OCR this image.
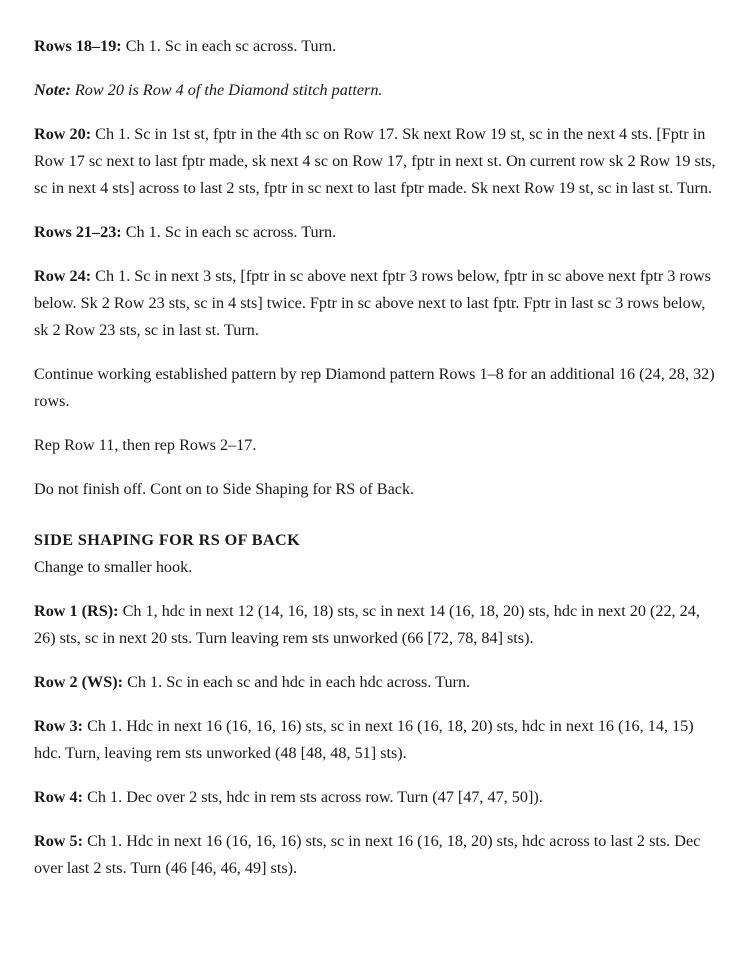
Rows 18–19: Ch 1. Sc in each sc across. Turn.

Note: Row 20 is Row 4 of the Diamond stitch pattern.

Row 20: Ch 1. Sc in 1st st, fptr in the 4th sc on Row 17. Sk next Row 19 st, sc in the next 4 sts. [Fptr in Row 17 sc next to last fptr made, sk next 4 sc on Row 17, fptr in next st. On current row sk 2 Row 19 sts, sc in next 4 sts] across to last 2 sts, fptr in sc next to last fptr made. Sk next Row 19 st, sc in last st. Turn.

Rows 21–23: Ch 1. Sc in each sc across. Turn.

Row 24: Ch 1. Sc in next 3 sts, [fptr in sc above next fptr 3 rows below, fptr in sc above next fptr 3 rows below. Sk 2 Row 23 sts, sc in 4 sts] twice. Fptr in sc above next to last fptr. Fptr in last sc 3 rows below, sk 2 Row 23 sts, sc in last st. Turn.

Continue working established pattern by rep Diamond pattern Rows 1–8 for an additional 16 (24, 28, 32) rows.

Rep Row 11, then rep Rows 2–17.

Do not finish off. Cont on to Side Shaping for RS of Back.

SIDE SHAPING FOR RS OF BACK

Change to smaller hook.

Row 1 (RS): Ch 1, hdc in next 12 (14, 16, 18) sts, sc in next 14 (16, 18, 20) sts, hdc in next 20 (22, 24, 26) sts, sc in next 20 sts. Turn leaving rem sts unworked (66 [72, 78, 84] sts).

Row 2 (WS): Ch 1. Sc in each sc and hdc in each hdc across. Turn.

Row 3: Ch 1. Hdc in next 16 (16, 16, 16) sts, sc in next 16 (16, 18, 20) sts, hdc in next 16 (16, 14, 15) hdc. Turn, leaving rem sts unworked (48 [48, 48, 51] sts).

Row 4: Ch 1. Dec over 2 sts, hdc in rem sts across row. Turn (47 [47, 47, 50]).

Row 5: Ch 1. Hdc in next 16 (16, 16, 16) sts, sc in next 16 (16, 18, 20) sts, hdc across to last 2 sts. Dec over last 2 sts. Turn (46 [46, 46, 49] sts).
